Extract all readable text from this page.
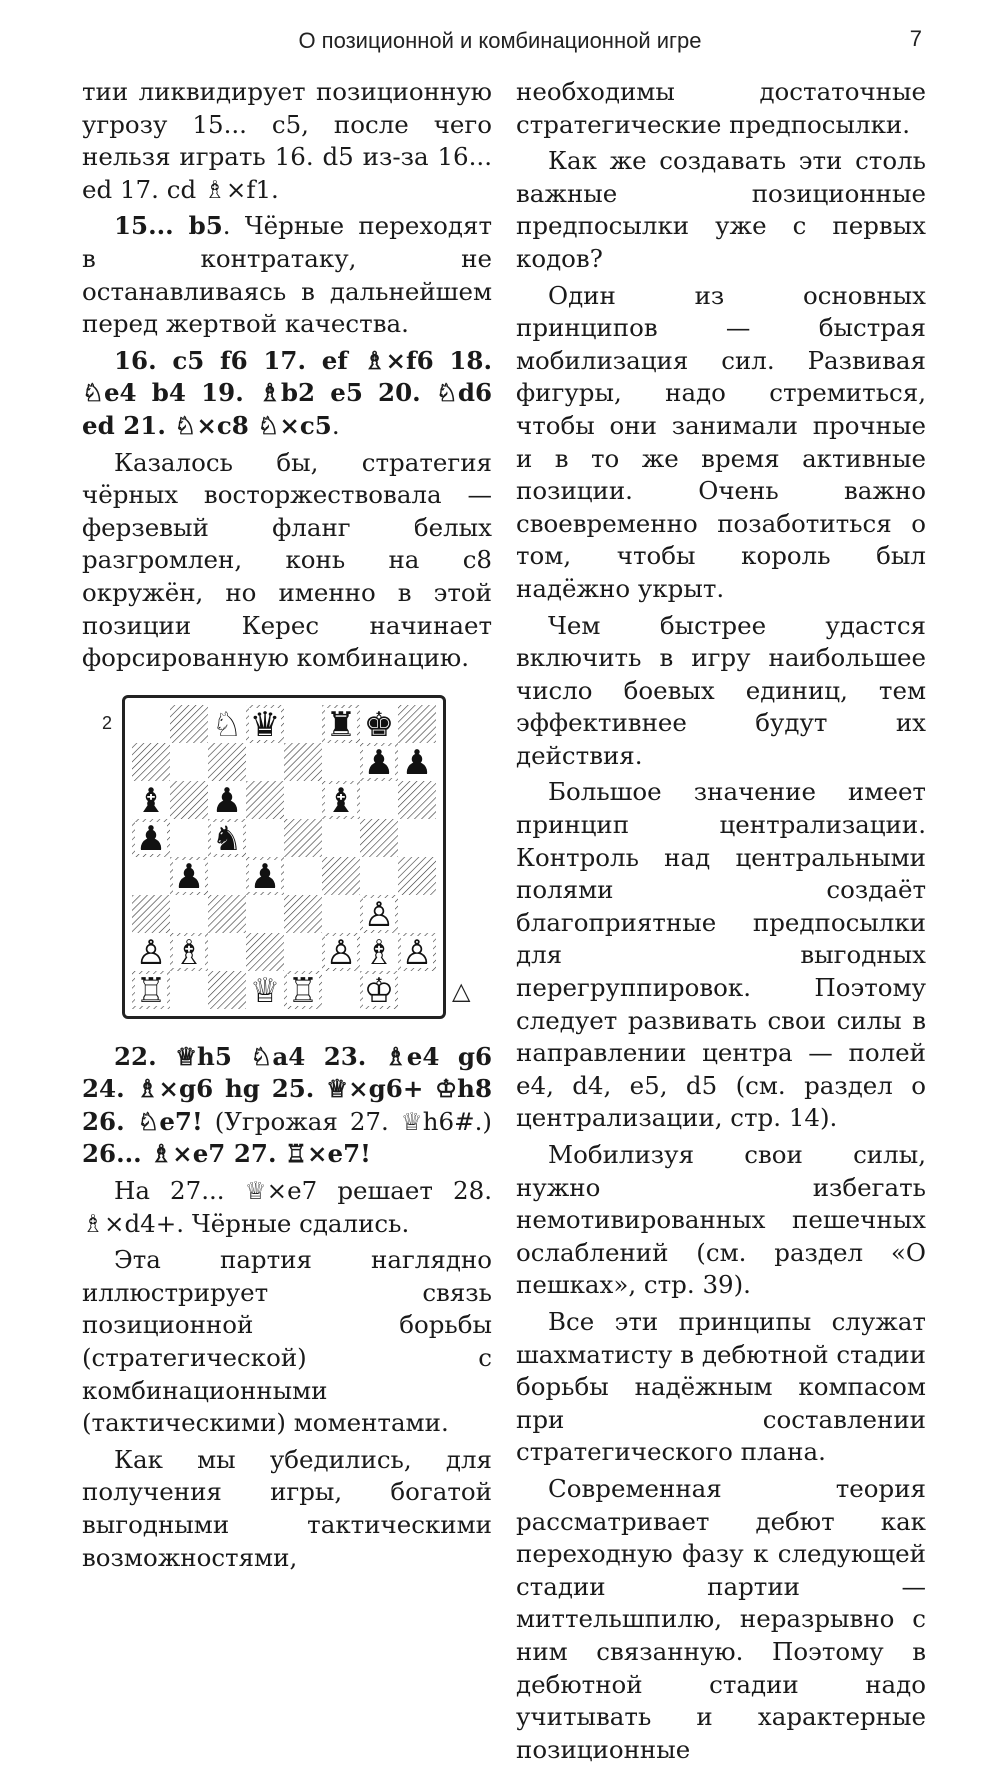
О позиционной и комбинационной игре	7

тии ликвидирует позиционную угрозу 15... с5, после чего нельзя играть 16. d5 из-за 16... ed 17. cd ♗×f1.

15... b5. Чёрные переходят в контратаку, не останавливаясь в дальнейшем перед жертвой качества.

16. с5 f6 17. ef ♗×f6 18. ♘e4 b4 19. ♗b2 e5 20. ♘d6 ed 21. ♘×c8 ♘×c5.

Казалось бы, стратегия чёрных восторжествовала — ферзевый фланг белых разгромлен, конь на с8 окружён, но именно в этой позиции Керес начинает форсированную комбинацию.

2	♘ ♛ ♜ ♚
♟ ♟
♝ ♟ ♝
♟ ♞
♟ ♟
♙
♙ ♗	♙ ♗ ♙
♖ ♕ ♖ ♔ △

22. ♕h5 ♘a4 23. ♗e4 g6 24. ♗×g6 hg 25. ♕×g6+ ♔h8 26. ♘e7! (Угрожая 27. ♕h6#.) 26... ♗×e7 27. ♖×e7!

На 27... ♕×e7 решает 28. ♗×d4+. Чёрные сдались.

Эта партия наглядно иллюстрирует связь позиционной борьбы (стратегической) с комбинационными (тактическими) моментами.

Как мы убедились, для получения игры, богатой выгодными тактическими возможностями,

необходимы достаточные стратегические предпосылки.

Как же создавать эти столь важные позиционные предпосылки уже с первых кодов?

Один из основных принципов — быстрая мобилизация сил. Развивая фигуры, надо стремиться, чтобы они занимали прочные и в то же время активные позиции. Очень важно своевременно позаботиться о том, чтобы король был надёжно укрыт.

Чем быстрее удастся включить в игру наибольшее число боевых единиц, тем эффективнее будут их действия.

Большое значение имеет принцип централизации. Контроль над центральными полями создаёт благоприятные предпосылки для выгодных перегруппировок. Поэтому следует развивать свои силы в направлении центра — полей е4, d4, е5, d5 (см. раздел о централизации, стр. 14).

Мобилизуя свои силы, нужно избегать немотивированных пешечных ослаблений (см. раздел «О пешках», стр. 39).

Все эти принципы служат шахматисту в дебютной стадии борьбы надёжным компасом при составлении стратегического плана.

Современная теория рассматривает дебют как переходную фазу к следующей стадии партии — миттельшпилю, неразрывно с ним связанную. Поэтому в дебютной стадии надо учитывать и характерные позиционные
